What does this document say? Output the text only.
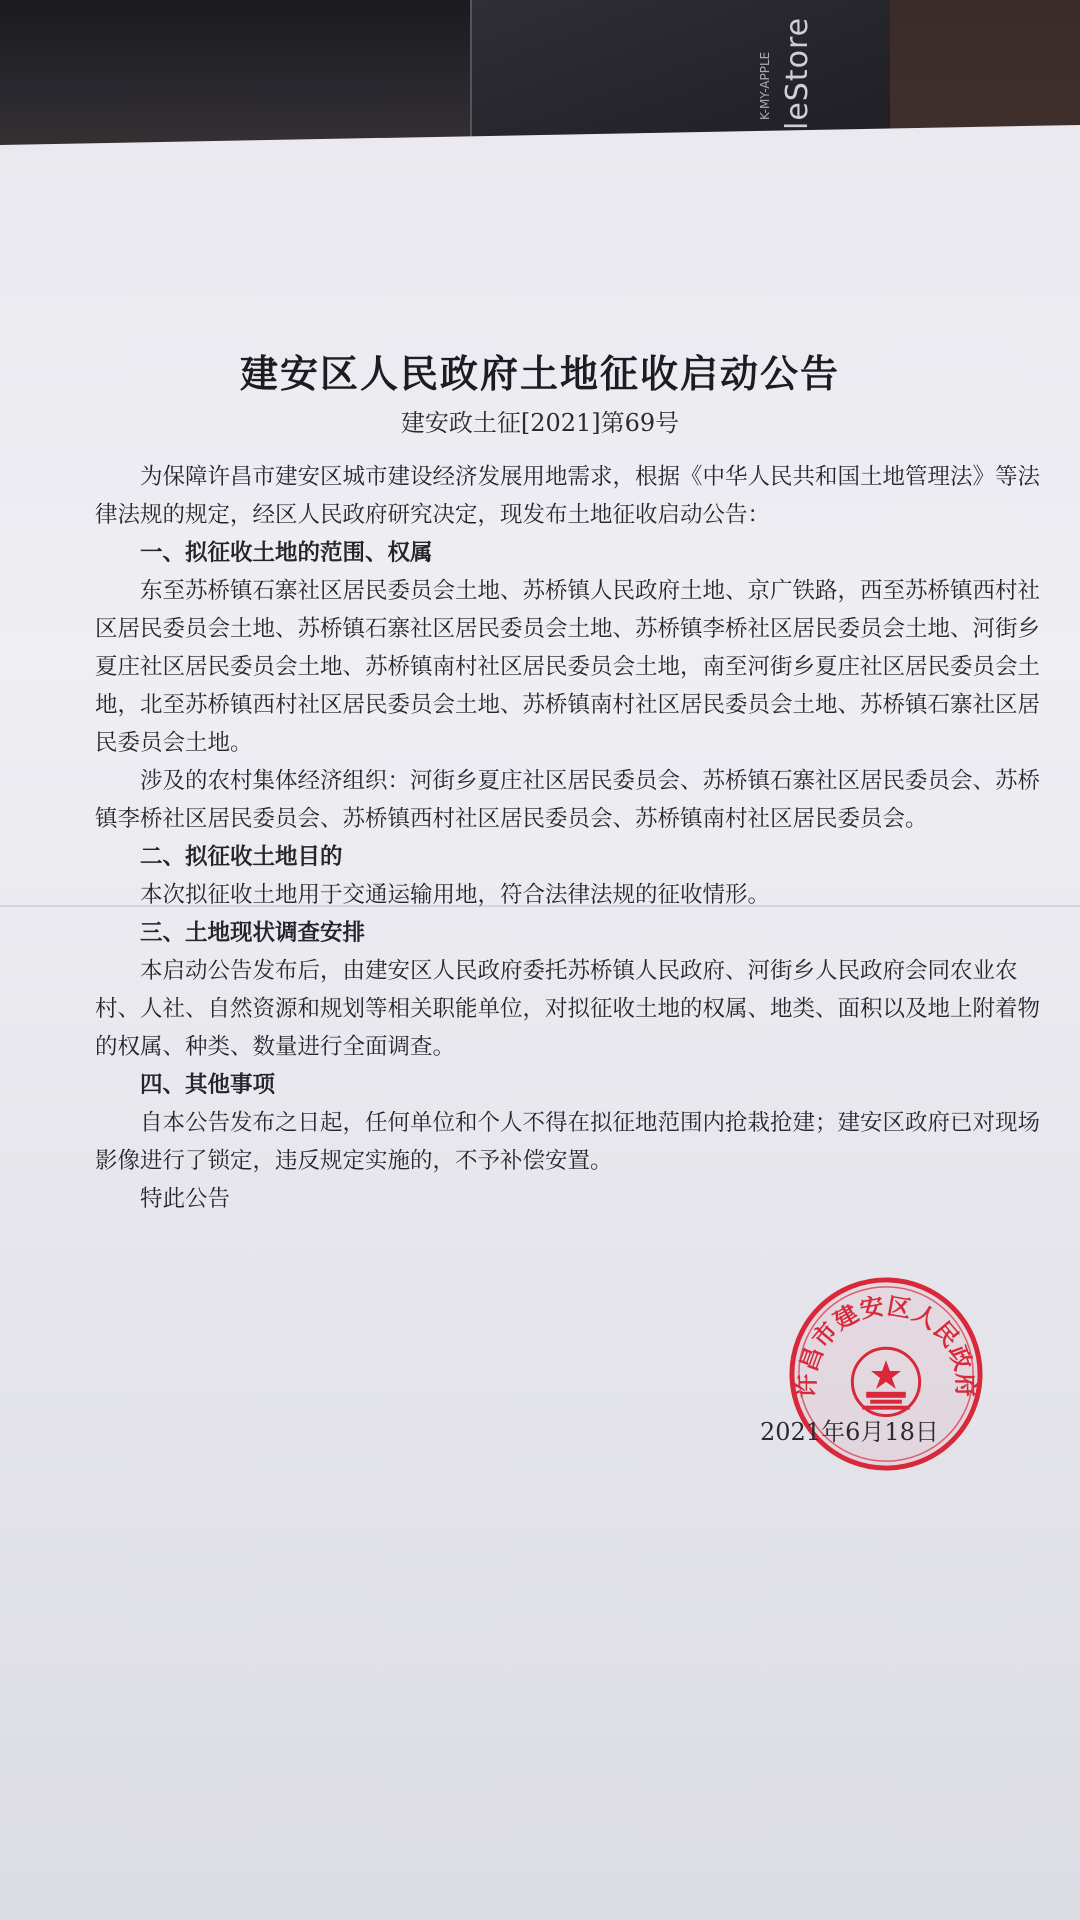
K-MY-APPLE leStore
建安区人民政府土地征收启动公告
建安政土征[2021]第69号

为保障许昌市建安区城市建设经济发展用地需求，根据《中华人民共和国土地管理法》等法律法规的规定，经区人民政府研究决定，现发布土地征收启动公告：

一、拟征收土地的范围、权属

东至苏桥镇石寨社区居民委员会土地、苏桥镇人民政府土地、京广铁路，西至苏桥镇西村社区居民委员会土地、苏桥镇石寨社区居民委员会土地、苏桥镇李桥社区居民委员会土地、河街乡夏庄社区居民委员会土地、苏桥镇南村社区居民委员会土地，南至河街乡夏庄社区居民委员会土地，北至苏桥镇西村社区居民委员会土地、苏桥镇南村社区居民委员会土地、苏桥镇石寨社区居民委员会土地。

涉及的农村集体经济组织：河街乡夏庄社区居民委员会、苏桥镇石寨社区居民委员会、苏桥镇李桥社区居民委员会、苏桥镇西村社区居民委员会、苏桥镇南村社区居民委员会。

二、拟征收土地目的

本次拟征收土地用于交通运输用地，符合法律法规的征收情形。

三、土地现状调查安排

本启动公告发布后，由建安区人民政府委托苏桥镇人民政府、河街乡人民政府会同农业农村、人社、自然资源和规划等相关职能单位，对拟征收土地的权属、地类、面积以及地上附着物的权属、种类、数量进行全面调查。

四、其他事项

自本公告发布之日起，任何单位和个人不得在拟征地范围内抢栽抢建；建安区政府已对现场影像进行了锁定，违反规定实施的，不予补偿安置。

特此公告

许昌市建安区人民政府
2021年6月18日
